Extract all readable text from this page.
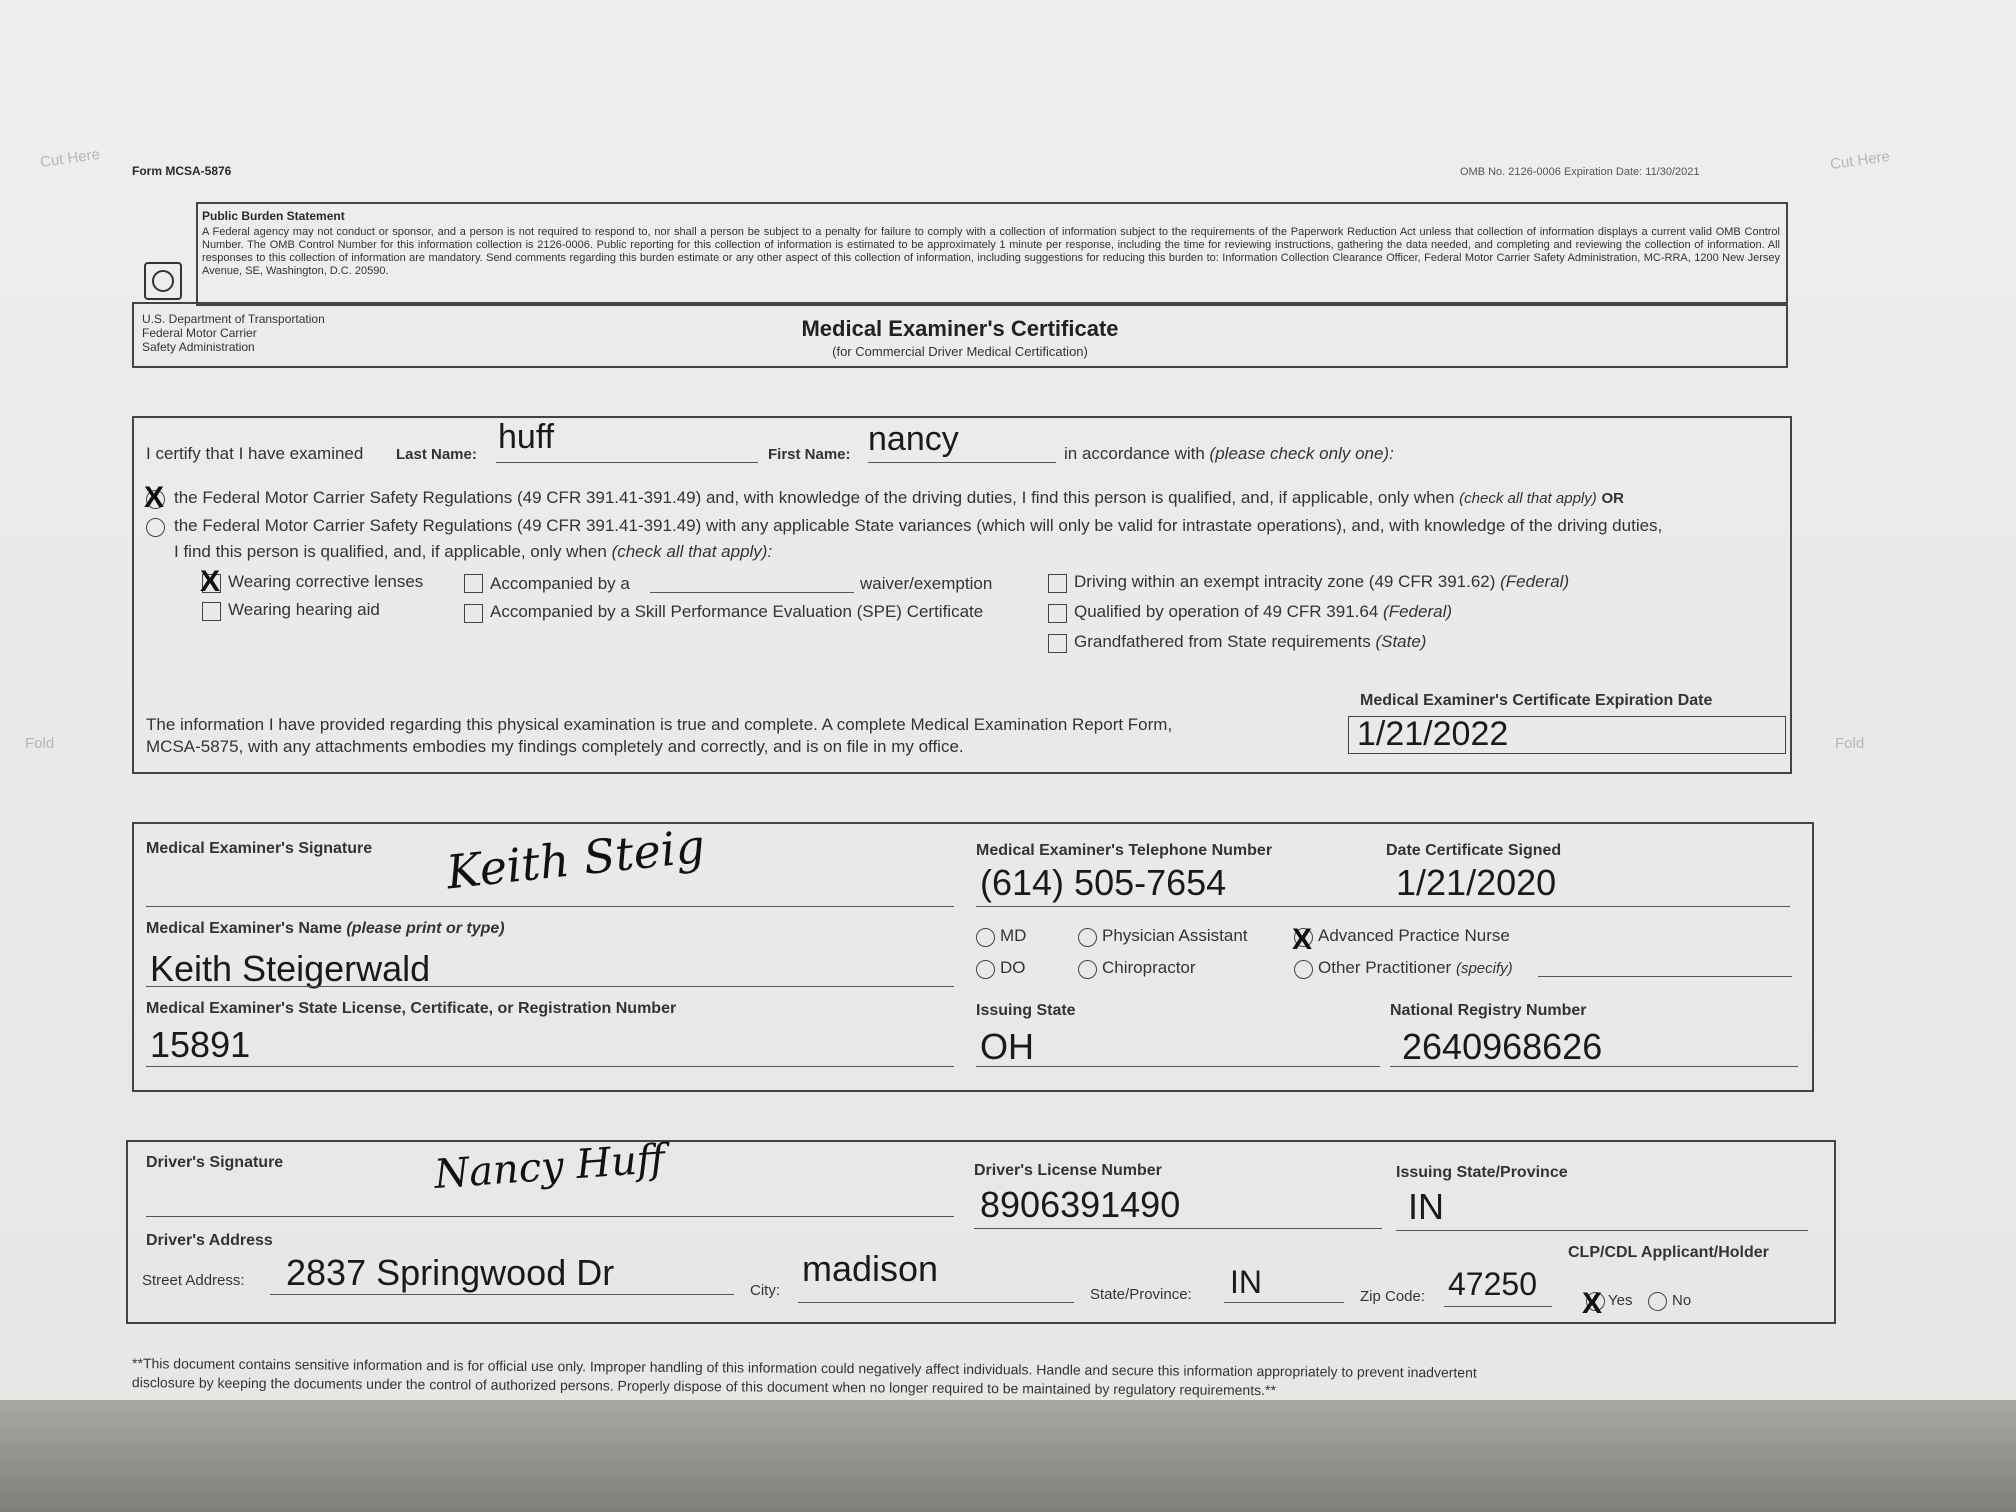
Cut Here	Cut Here
Fold	Fold
Form MCSA-5876	OMB No. 2126-0006 Expiration Date: 11/30/2021
Public Burden Statement
A Federal agency may not conduct or sponsor, and a person is not required to respond to, nor shall a person be subject to a penalty for failure to comply with a collection of information subject to the requirements of the Paperwork Reduction Act unless that collection of information displays a current valid OMB Control Number. The OMB Control Number for this information collection is 2126-0006. Public reporting for this collection of information is estimated to be approximately 1 minute per response, including the time for reviewing instructions, gathering the data needed, and completing and reviewing the collection of information. All responses to this collection of information are mandatory. Send comments regarding this burden estimate or any other aspect of this collection of information, including suggestions for reducing this burden to: Information Collection Clearance Officer, Federal Motor Carrier Safety Administration, MC-RRA, 1200 New Jersey Avenue, SE, Washington, D.C. 20590.
U.S. Department of Transportation
Federal Motor Carrier
Safety Administration
Medical Examiner's Certificate
(for Commercial Driver Medical Certification)
I certify that I have examined Last Name: huff	First Name: nancy	in accordance with (please check only one):
X the Federal Motor Carrier Safety Regulations (49 CFR 391.41-391.49) and, with knowledge of the driving duties, I find this person is qualified, and, if applicable, only when (check all that apply) OR
the Federal Motor Carrier Safety Regulations (49 CFR 391.41-391.49) with any applicable State variances (which will only be valid for intrastate operations), and, with knowledge of the driving duties,
I find this person is qualified, and, if applicable, only when (check all that apply):
X Wearing corrective lenses
Wearing hearing aid
Accompanied by a	waiver/exemption
Accompanied by a Skill Performance Evaluation (SPE) Certificate
Driving within an exempt intracity zone (49 CFR 391.62) (Federal)
Qualified by operation of 49 CFR 391.64 (Federal)
Grandfathered from State requirements (State)
The information I have provided regarding this physical examination is true and complete. A complete Medical Examination Report Form,
MCSA-5875, with any attachments embodies my findings completely and correctly, and is on file in my office.
Medical Examiner's Certificate Expiration Date
1/21/2022
Medical Examiner's Signature Keith Steig	Medical Examiner's Telephone Number
(614) 505-7654
Date Certificate Signed
1/21/2020
Medical Examiner's Name (please print or type)
Keith Steigerwald
MD
DO
Physician Assistant
Chiropractor
X Advanced Practice Nurse
Other Practitioner (specify)
Medical Examiner's State License, Certificate, or Registration Number
15891
Issuing State
OH
National Registry Number
2640968626
Driver's Signature	Nancy Huff	Driver's License Number
8906391490
Issuing State/Province
IN
Driver's Address
CLP/CDL Applicant/Holder
Street Address: 2837 Springwood Dr	City:
madison
State/Province: IN	Zip Code: 47250
X Yes	No
**This document contains sensitive information and is for official use only. Improper handling of this information could negatively affect individuals. Handle and secure this information appropriately to prevent inadvertent
disclosure by keeping the documents under the control of authorized persons. Properly dispose of this document when no longer required to be maintained by regulatory requirements.**
